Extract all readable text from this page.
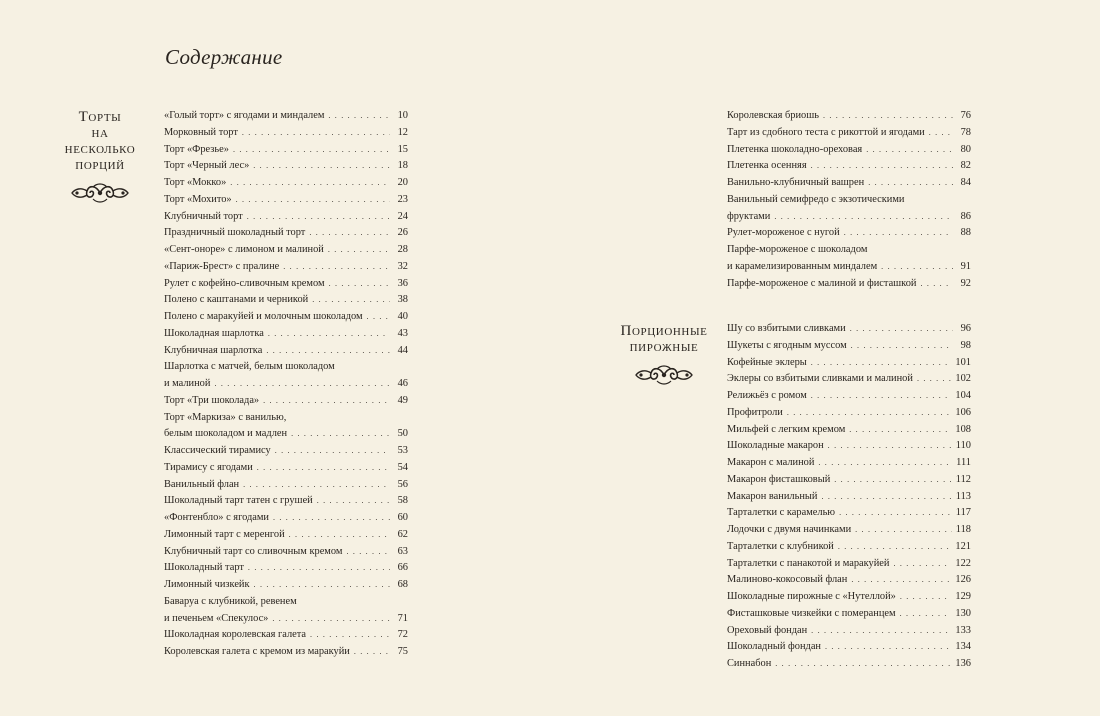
Содержание
Торты
на
несколько
порций
Порционные
пирожные
«Голый торт» с ягодами и миндалем . . .	10
Морковный торт . . .	12
Торт «Фрезье» . . .	15
Торт «Черный лес» . . .	18
Торт «Мокко» . . .	20
Торт «Мохито» . . .	23
Клубничный торт . . .	24
Праздничный шоколадный торт . . .	26
«Сент-оноре» с лимоном и малиной . . .	28
«Париж-Брест» с пралине . . .	32
Рулет с кофейно-сливочным кремом . . .	36
Полено с каштанами и черникой . . .	38
Полено с маракуйей и молочным шоколадом . . .	40
Шоколадная шарлотка . . .	43
Клубничная шарлотка . . .	44
Шарлотка с матчей, белым шоколадом
и малиной . . .	46
Торт «Три шоколада» . . .	49
Торт «Маркиза» с ванилью,
белым шоколадом и мадлен . . .	50
Классический тирамису . . .	53
Тирамису с ягодами . . .	54
Ванильный флан . . .	56
Шоколадный тарт татен с грушей . . .	58
«Фонтенбло» с ягодами . . .	60
Лимонный тарт с меренгой . . .	62
Клубничный тарт со сливочным кремом . . .	63
Шоколадный тарт . . .	66
Лимонный чизкейк . . .	68
Баваруа с клубникой, ревенем
и печеньем «Спекулос» . . .	71
Шоколадная королевская галета . . .	72
Королевская галета с кремом из маракуйи . . .	75
Королевская бриошь . . .	76
Тарт из сдобного теста с рикоттой и ягодами . . .	78
Плетенка шоколадно-ореховая . . .	80
Плетенка осенняя . . .	82
Ванильно-клубничный вашрен . . .	84
Ванильный семифредо с экзотическими
фруктами . . .	86
Рулет-мороженое с нугой . . .	88
Парфе-мороженое с шоколадом
и карамелизированным миндалем . . .	91
Парфе-мороженое с малиной и фисташкой . . .	92
Шу со взбитыми сливками . . .	96
Шукеты с ягодным муссом . . .	98
Кофейные эклеры . . .	101
Эклеры со взбитыми сливками и малиной . . .	102
Релижьёз с ромом . . .	104
Профитроли . . .	106
Мильфей с легким кремом . . .	108
Шоколадные макарон . . .	110
Макарон с малиной . . .	111
Макарон фисташковый . . .	112
Макарон ванильный . . .	113
Тарталетки с карамелью . . .	117
Лодочки с двумя начинками . . .	118
Тарталетки с клубникой . . .	121
Тарталетки с панакотой и маракуйей . . .	122
Малиново-кокосовый флан . . .	126
Шоколадные пирожные с «Нутеллой» . . .	129
Фисташковые чизкейки с померанцем . . .	130
Ореховый фондан . . .	133
Шоколадный фондан . . .	134
Синнабон . . .	136
